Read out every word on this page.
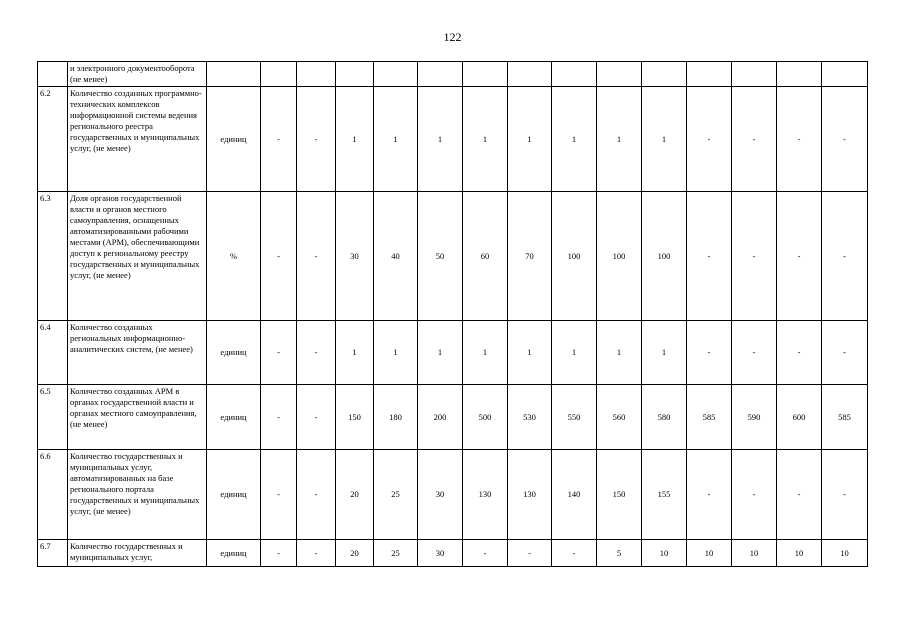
122
	и электронного документооборота (не менее)															
6.2	Количество созданных программно-технических комплексов информационной системы ведения регионального реестра государственных и муниципальных услуг, (не менее)	единиц	-	-	1	1	1	1	1	1	1	1	-	-	-	-
6.3	Доля органов государственной власти и органов местного самоуправления, оснащенных автоматизированными рабочими местами (АРМ), обеспечивающими доступ к региональному реестру государственных и муниципальных услуг, (не менее)	%	-	-	30	40	50	60	70	100	100	100	-	-	-	-
6.4	Количество созданных региональных информационно-аналитических систем, (не менее)	единиц	-	-	1	1	1	1	1	1	1	1	-	-	-	-
6.5	Количество созданных АРМ в органах государственной власти и органах местного самоуправления, (не менее)	единиц	-	-	150	180	200	500	530	550	560	580	585	590	600	585
6.6	Количество государственных и муниципальных услуг, автоматизированных на базе регионального портала государственных и муниципальных услуг, (не менее)	единиц	-	-	20	25	30	130	130	140	150	155	-	-	-	-
6.7	Количество государственных и муниципальных услуг,	единиц	-	-	20	25	30	-	-	-	5	10	10	10	10	10
